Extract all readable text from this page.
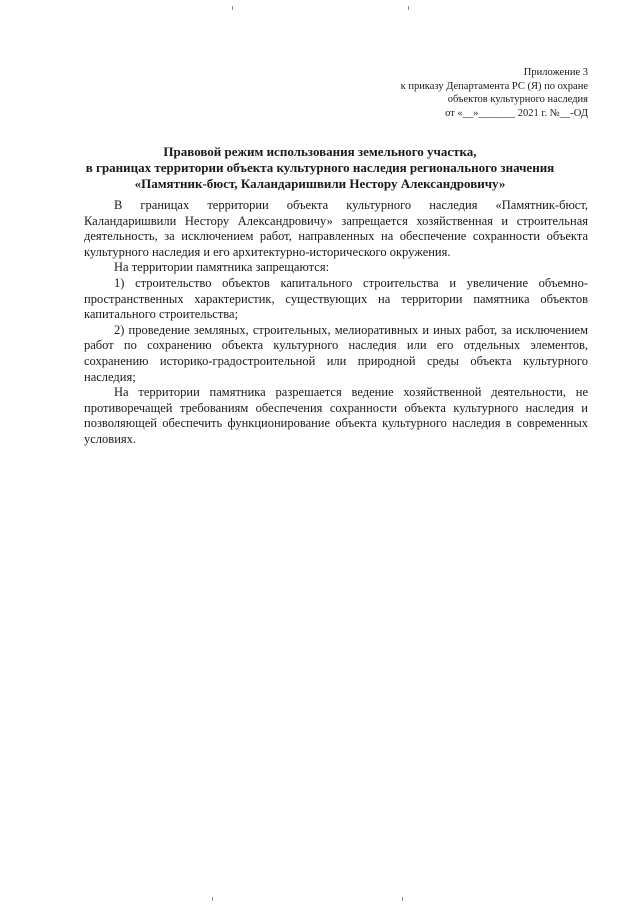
Приложение 3
к приказу Департамента РС (Я) по охране
объектов культурного наследия
от «__»_______ 2021 г. №__-ОД
Правовой режим использования земельного участка,
в границах территории объекта культурного наследия регионального значения
«Памятник-бюст, Каландаришвили Нестору Александровичу»

В границах территории объекта культурного наследия «Памятник-бюст, Каландаришвили Нестору Александровичу» запрещается хозяйственная и строительная деятельность, за исключением работ, направленных на обеспечение сохранности объекта культурного наследия и его архитектурно-исторического окружения.

На территории памятника запрещаются:

1) строительство объектов капитального строительства и увеличение объемно-пространственных характеристик, существующих на территории памятника объектов капитального строительства;

2) проведение земляных, строительных, мелиоративных и иных работ, за исключением работ по сохранению объекта культурного наследия или его отдельных элементов, сохранению историко-градостроительной или природной среды объекта культурного наследия;

На территории памятника разрешается ведение хозяйственной деятельности, не противоречащей требованиям обеспечения сохранности объекта культурного наследия и позволяющей обеспечить функционирование объекта культурного наследия в современных условиях.
